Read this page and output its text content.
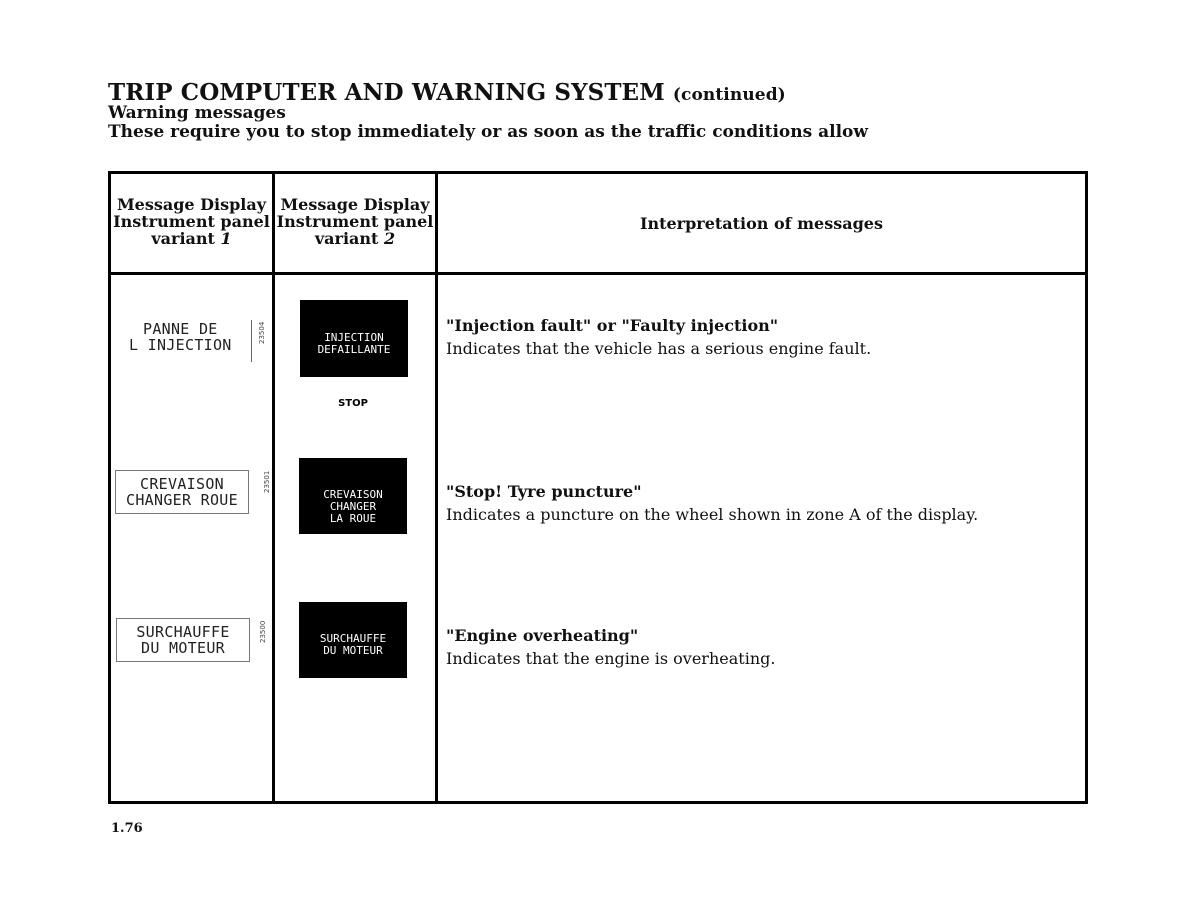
TRIP COMPUTER AND WARNING SYSTEM (continued)
Warning messages
These require you to stop immediately or as soon as the traffic conditions allow
Message Display
Instrument panel
variant 1
Message Display
Instrument panel
variant 2
Interpretation of messages
PANNE DE
L INJECTION
23504

	INJECTION
DEFAILLANTE

STOP

"Injection fault" or "Faulty injection"
Indicates that the vehicle has a serious engine fault.
CREVAISON
CHANGER ROUE
23501

CREVAISON
CHANGER
LA ROUE

"Stop! Tyre puncture"
Indicates a puncture on the wheel shown in zone A of the display.
SURCHAUFFE
DU MOTEUR
23500

	SURCHAUFFE
DU MOTEUR

"Engine overheating"
Indicates that the engine is overheating.
1.76
